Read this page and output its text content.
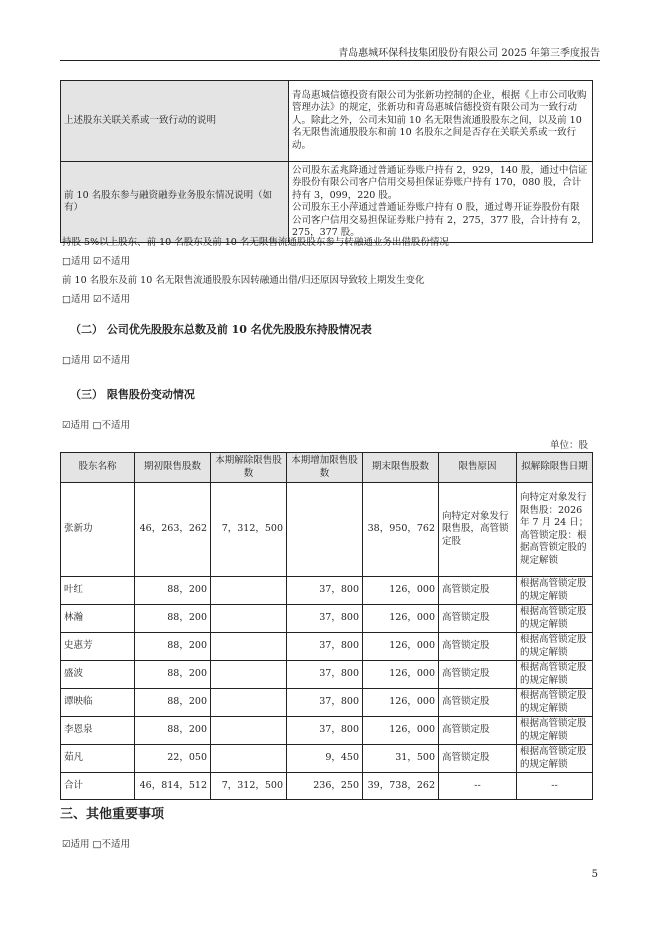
青岛惠城环保科技集团股份有限公司 2025 年第三季度报告
上述股东关联关系或一致行动的说明	青岛惠城信德投资有限公司为张新功控制的企业，根据《上市公司收购管理办法》的规定，张新功和青岛惠城信德投资有限公司为一致行动人。除此之外，公司未知前 10 名无限售流通股股东之间，以及前 10 名无限售流通股股东和前 10 名股东之间是否存在关联关系或一致行动。
前 10 名股东参与融资融券业务股东情况说明（如有）	公司股东孟兆降通过普通证券账户持有 2，929，140 股，通过中信证券股份有限公司客户信用交易担保证券账户持有 170，080 股，合计持有 3，099，220 股。
公司股东王小萍通过普通证券账户持有 0 股，通过粤开证券股份有限公司客户信用交易担保证券账户持有 2，275，377 股，合计持有 2，275，377 股。
持股 5%以上股东、前 10 名股东及前 10 名无限售流通股股东参与转融通业务出借股份情况
□适用 ☑不适用
前 10 名股东及前 10 名无限售流通股股东因转融通出借/归还原因导致较上期发生变化
□适用 ☑不适用
（二） 公司优先股股东总数及前 10 名优先股股东持股情况表
□适用 ☑不适用
（三） 限售股份变动情况
☑适用 □不适用
单位：股
股东名称	期初限售股数	本期解除限售股数	本期增加限售股数	期末限售股数	限售原因	拟解除限售日期
张新功	46，263，262	7，312，500		38，950，762	向特定对象发行限售股，高管锁定股	向特定对象发行限售股：2026 年 7 月 24 日；高管锁定股：根据高管锁定股的规定解锁
叶红	88，200		37，800	126，000	高管锁定股	根据高管锁定股的规定解锁
林瀚	88，200		37，800	126，000	高管锁定股	根据高管锁定股的规定解锁
史惠芳	88，200		37，800	126，000	高管锁定股	根据高管锁定股的规定解锁
盛波	88，200		37，800	126，000	高管锁定股	根据高管锁定股的规定解锁
谭映临	88，200		37，800	126，000	高管锁定股	根据高管锁定股的规定解锁
李恩泉	88，200		37，800	126，000	高管锁定股	根据高管锁定股的规定解锁
茹凡	22，050		9，450	31，500	高管锁定股	根据高管锁定股的规定解锁
合计	46，814，512	7，312，500	236，250	39，738，262	--	--
三、其他重要事项
☑适用 □不适用
5
